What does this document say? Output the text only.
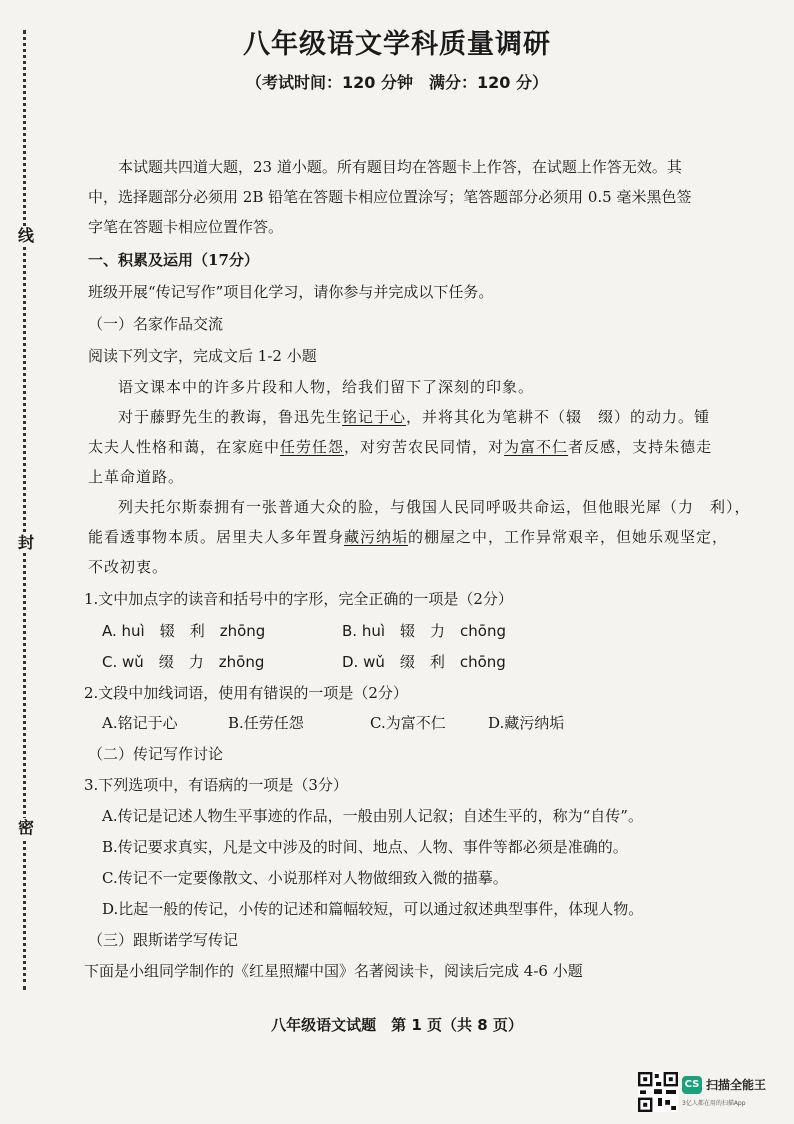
线
封
密
八年级语文学科质量调研
（考试时间：120 分钟　满分：120 分）
本试题共四道大题，23 道小题。所有题目均在答题卡上作答，在试题上作答无效。其
中，选择题部分必须用 2B 铅笔在答题卡相应位置涂写；笔答题部分必须用 0.5 毫米黑色签
字笔在答题卡相应位置作答。
一、积累及运用（17分）
班级开展“传记写作”项目化学习，请你参与并完成以下任务。
（一）名家作品交流
阅读下列文字，完成文后 1-2 小题
语文课本中的许多片段和人物，给我们留下了深刻的印象。
对于藤野先生的教诲，鲁迅先生铭记于心，并将其化为笔耕不（辍　缀）的动力。锺
太夫人性格和蔼，在家庭中任劳任怨，对穷苦农民同情，对为富不仁者反感，支持朱德走
上革命道路。
列夫托尔斯泰拥有一张普通大众的脸，与俄国人民同呼吸共命运，但他眼光犀（力　利），
能看透事物本质。居里夫人多年置身藏污纳垢的棚屋之中，工作异常艰辛，但她乐观坚定，
不改初衷。
1.文中加点字的读音和括号中的字形，完全正确的一项是（2分）
A. huì　辍　利　zhōng	B. huì　辍　力　chōng
C. wǔ　缀　力　zhōng	D. wǔ　缀　利　chōng
2.文段中加线词语，使用有错误的一项是（2分）
A.铭记于心	B.任劳任怨	C.为富不仁	D.藏污纳垢
（二）传记写作讨论
3.下列选项中，有语病的一项是（3分）
A.传记是记述人物生平事迹的作品，一般由别人记叙；自述生平的，称为“自传”。
B.传记要求真实，凡是文中涉及的时间、地点、人物、事件等都必须是准确的。
C.传记不一定要像散文、小说那样对人物做细致入微的描摹。
D.比起一般的传记，小传的记述和篇幅较短，可以通过叙述典型事件，体现人物。
（三）跟斯诺学写传记
下面是小组同学制作的《红星照耀中国》名著阅读卡，阅读后完成 4-6 小题
八年级语文试题　第 1 页（共 8 页）
CS 扫描全能王
3亿人都在用的扫描App
